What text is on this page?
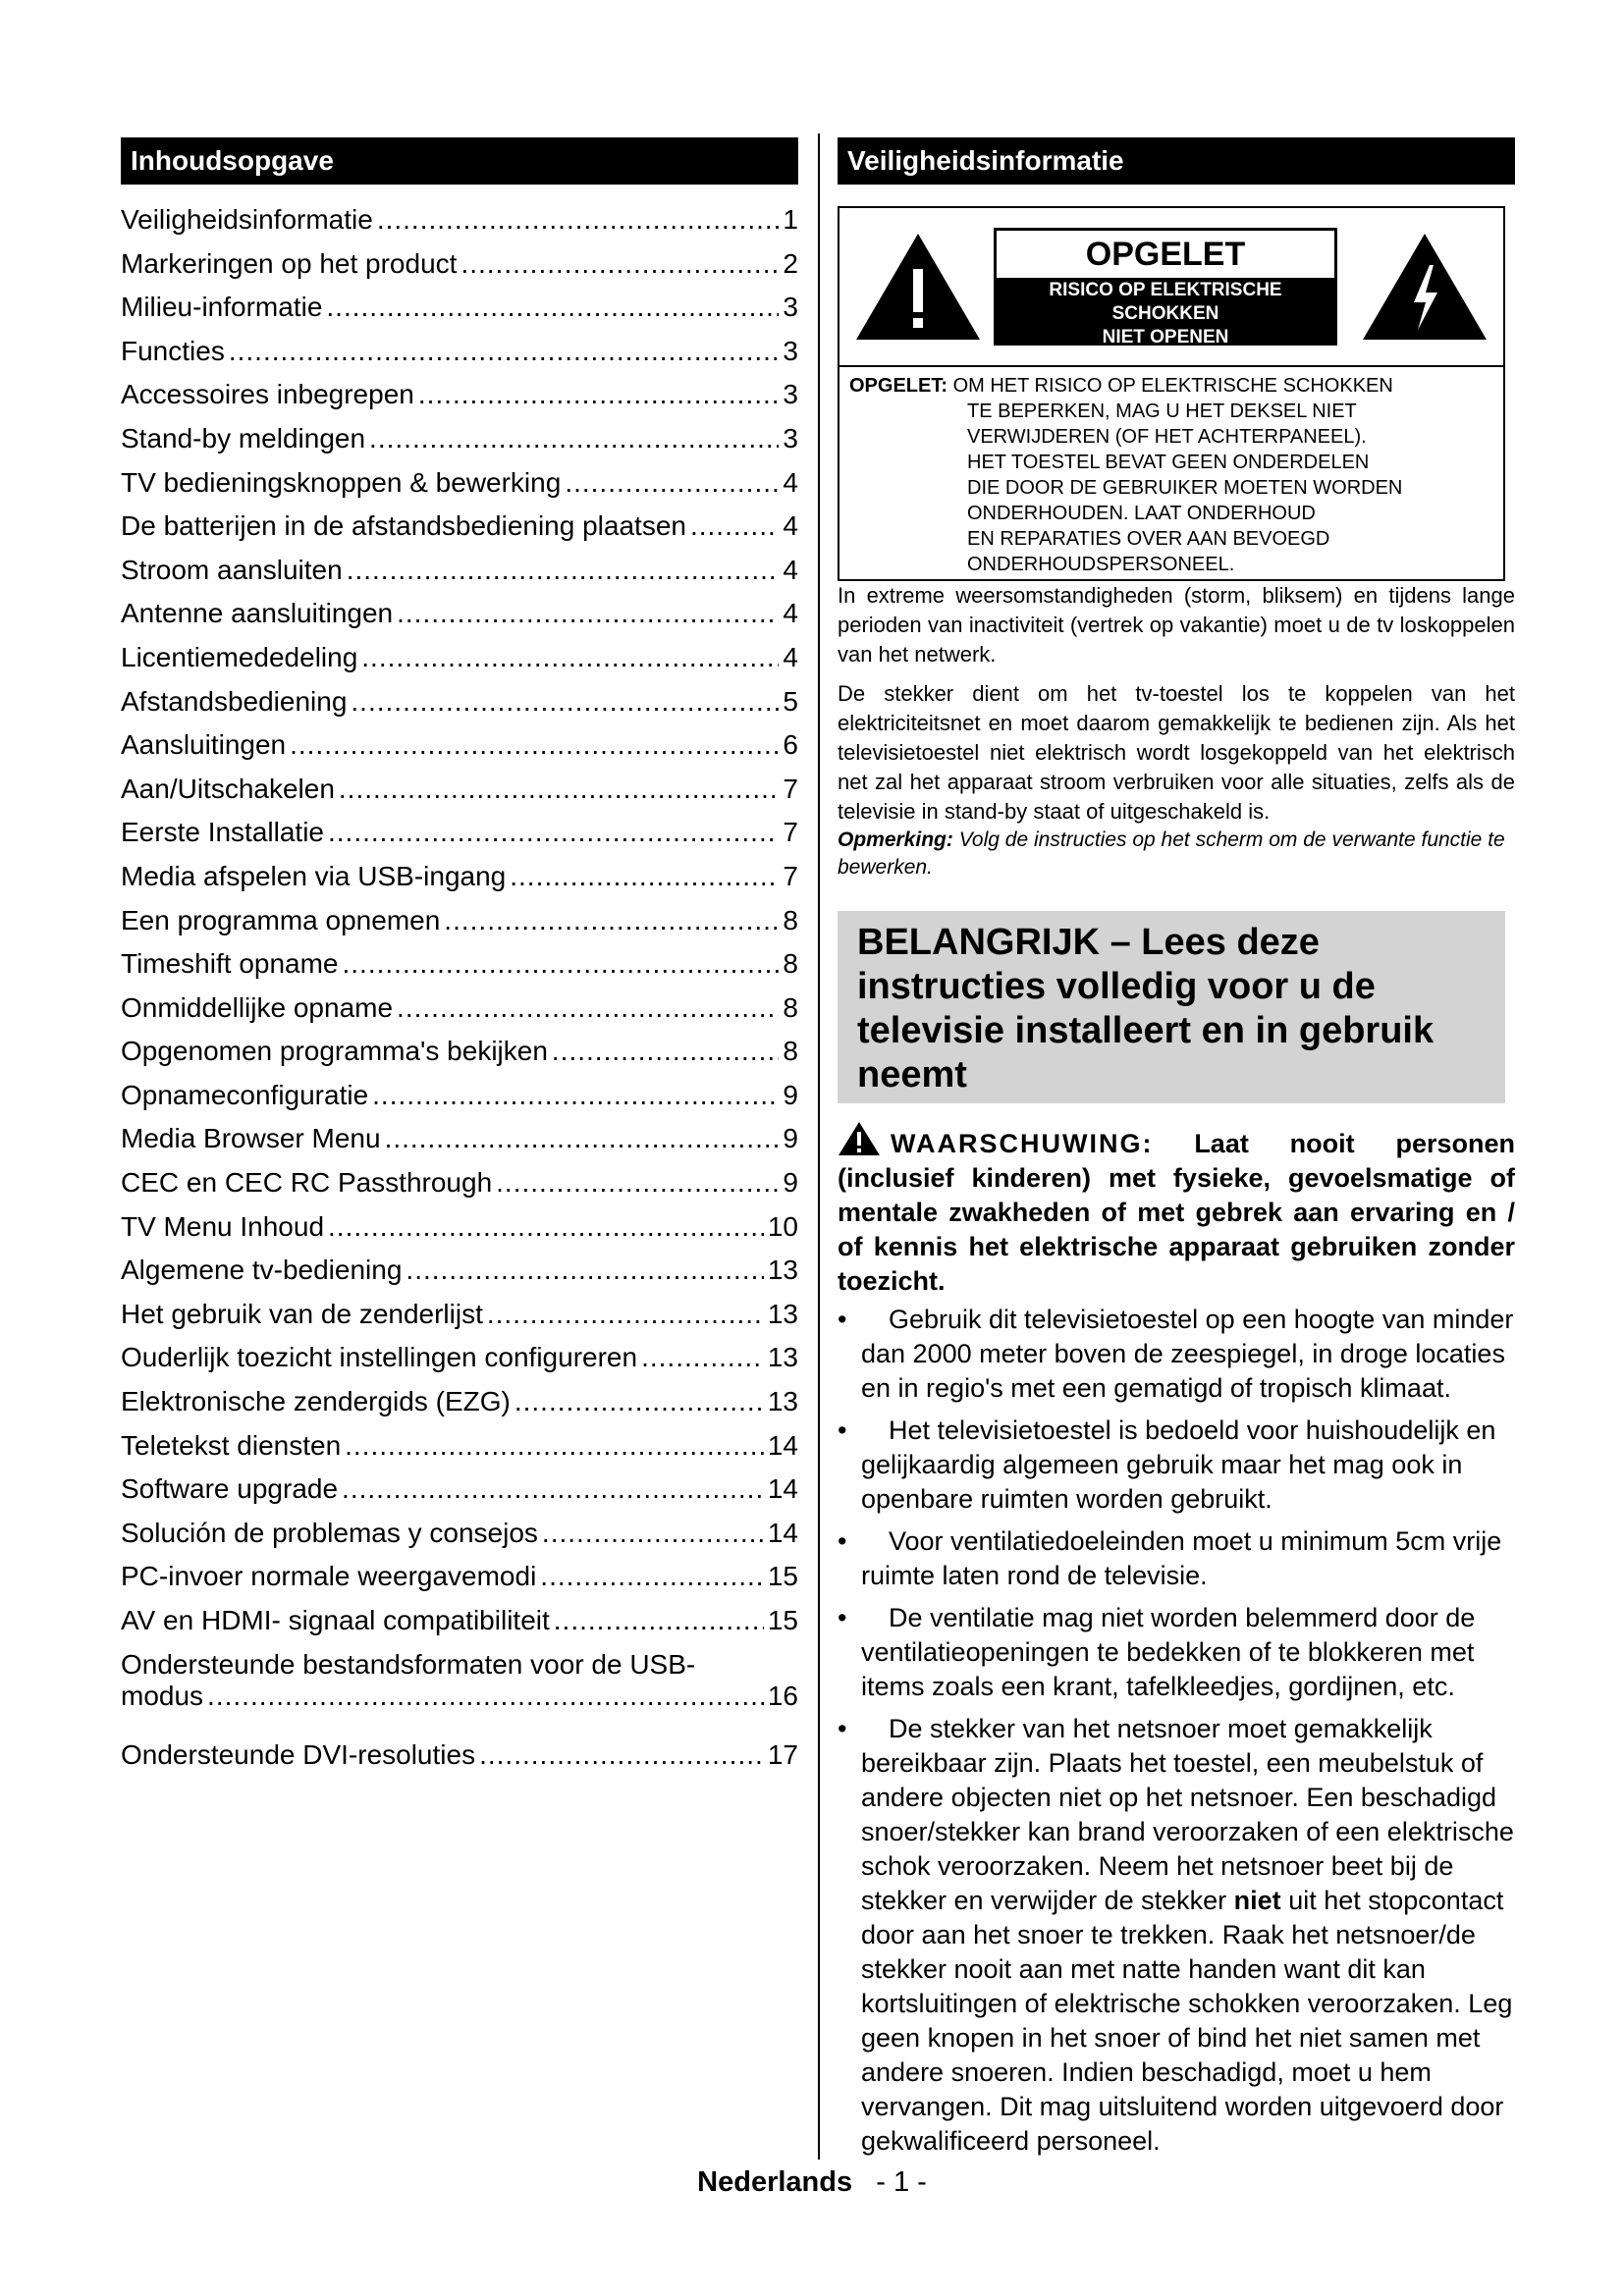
Inhoudsopgave
Veiligheidsinformatie .....	1
Markeringen op het product .....	2
Milieu-informatie .....	3
Functies .....	3
Accessoires inbegrepen .....	3
Stand-by meldingen .....	3
TV bedieningsknoppen & bewerking .....	4
De batterijen in de afstandsbediening plaatsen .....	4
Stroom aansluiten .....	4
Antenne aansluitingen .....	4
Licentiemededeling .....	4
Afstandsbediening .....	5
Aansluitingen .....	6
Aan/Uitschakelen .....	7
Eerste Installatie .....	7
Media afspelen via USB-ingang .....	7
Een programma opnemen .....	8
Timeshift opname .....	8
Onmiddellijke opname .....	8
Opgenomen programma's bekijken .....	8
Opnameconfiguratie .....	9
Media Browser Menu .....	9
CEC en CEC RC Passthrough .....	9
TV Menu Inhoud .....	10
Algemene tv-bediening .....	13
Het gebruik van de zenderlijst .....	13
Ouderlijk toezicht instellingen configureren .....	13
Elektronische zendergids (EZG) .....	13
Teletekst diensten .....	14
Software upgrade .....	14
Solución de problemas y consejos .....	14
PC-invoer normale weergavemodi .....	15
AV en HDMI- signaal compatibiliteit .....	15
Ondersteunde bestandsformaten voor de USB-
modus .....	16
Ondersteunde DVI-resoluties .....	17
Veiligheidsinformatie
OPGELET
RISICO OP ELEKTRISCHE
SCHOKKEN
NIET OPENEN
OPGELET: OM HET RISICO OP ELEKTRISCHE SCHOKKEN
TE BEPERKEN, MAG U HET DEKSEL NIET
VERWIJDEREN (OF HET ACHTERPANEEL).
HET TOESTEL BEVAT GEEN ONDERDELEN
DIE DOOR DE GEBRUIKER MOETEN WORDEN
ONDERHOUDEN. LAAT ONDERHOUD
EN REPARATIES OVER AAN BEVOEGD
ONDERHOUDSPERSONEEL.

In extreme weersomstandigheden (storm, bliksem) en tijdens lange perioden van inactiviteit (vertrek op vakantie) moet u de tv loskoppelen van het netwerk.

De stekker dient om het tv-toestel los te koppelen van het elektriciteitsnet en moet daarom gemakkelijk te bedienen zijn. Als het televisietoestel niet elektrisch wordt losgekoppeld van het elektrisch net zal het apparaat stroom verbruiken voor alle situaties, zelfs als de televisie in stand-by staat of uitgeschakeld is.

Opmerking: Volg de instructies op het scherm om de verwante functie te bewerken.

BELANGRIJK – Lees deze instructies volledig voor u de televisie installeert en in gebruik neemt
WAARSCHUWING: Laat nooit personen (inclusief kinderen) met fysieke, gevoelsmatige of mentale zwakheden of met gebrek aan ervaring en / of kennis het elektrische apparaat gebruiken zonder toezicht.
• Gebruik dit televisietoestel op een hoogte van minder dan 2000 meter boven de zeespiegel, in droge locaties en in regio's met een gematigd of tropisch klimaat.
• Het televisietoestel is bedoeld voor huishoudelijk en gelijkaardig algemeen gebruik maar het mag ook in openbare ruimten worden gebruikt.
• Voor ventilatiedoeleinden moet u minimum 5cm vrije ruimte laten rond de televisie.
• De ventilatie mag niet worden belemmerd door de ventilatieopeningen te bedekken of te blokkeren met items zoals een krant, tafelkleedjes, gordijnen, etc.
• De stekker van het netsnoer moet gemakkelijk bereikbaar zijn. Plaats het toestel, een meubelstuk of andere objecten niet op het netsnoer. Een beschadigd snoer/stekker kan brand veroorzaken of een elektrische schok veroorzaken. Neem het netsnoer beet bij de stekker en verwijder de stekker niet uit het stopcontact door aan het snoer te trekken. Raak het netsnoer/de stekker nooit aan met natte handen want dit kan kortsluitingen of elektrische schokken veroorzaken. Leg geen knopen in het snoer of bind het niet samen met andere snoeren. Indien beschadigd, moet u hem vervangen. Dit mag uitsluitend worden uitgevoerd door gekwalificeerd personeel.
Nederlands - 1 -
